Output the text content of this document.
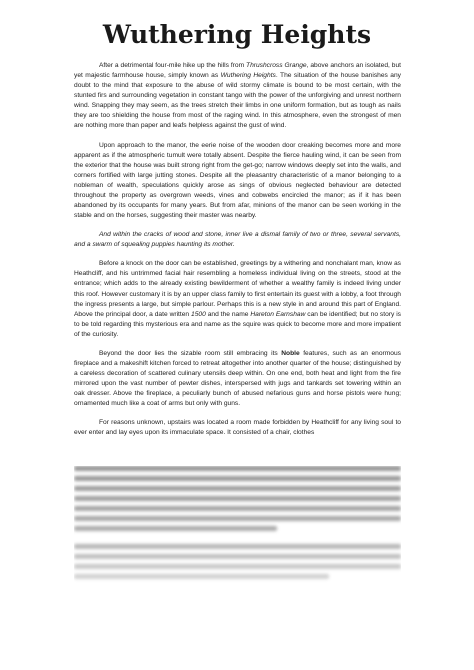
Wuthering Heights

After a detrimental four-mile hike up the hills from Thrushcross Grange, above anchors an isolated, but yet majestic farmhouse house, simply known as Wuthering Heights. The situation of the house banishes any doubt to the mind that exposure to the abuse of wild stormy climate is bound to be most certain, with the stunted firs and surrounding vegetation in constant tango with the power of the unforgiving and unrest northern wind. Snapping they may seem, as the trees stretch their limbs in one uniform formation, but as tough as nails they are too shielding the house from most of the raging wind. In this atmosphere, even the strongest of men are nothing more than paper and leafs helpless against the gust of wind.

Upon approach to the manor, the eerie noise of the wooden door creaking becomes more and more apparent as if the atmospheric tumult were totally absent. Despite the fierce hauling wind, it can be seen from the exterior that the house was built strong right from the get-go; narrow windows deeply set into the walls, and corners fortified with large jutting stones. Despite all the pleasantry characteristic of a manor belonging to a nobleman of wealth, speculations quickly arose as sings of obvious neglected behaviour are detected throughout the property as overgrown weeds, vines and cobwebs encircled the manor; as if it has been abandoned by its occupants for many years. But from afar, minions of the manor can be seen working in the stable and on the horses, suggesting their master was nearby.

And within the cracks of wood and stone, inner live a dismal family of two or three, several servants, and a swarm of squealing puppies haunting its mother.

Before a knock on the door can be established, greetings by a withering and nonchalant man, know as Heathcliff, and his untrimmed facial hair resembling a homeless individual living on the streets, stood at the entrance; which adds to the already existing bewilderment of whether a wealthy family is indeed living under this roof. However customary it is by an upper class family to first entertain its guest with a lobby, a foot through the ingress presents a large, but simple parlour. Perhaps this is a new style in and around this part of England. Above the principal door, a date written 1500 and the name Hareton Earnshaw can be identified; but no story is to be told regarding this mysterious era and name as the squire was quick to become more and more impatient of the curiosity.

Beyond the door lies the sizable room still embracing its Noble features, such as an enormous fireplace and a makeshift kitchen forced to retreat altogether into another quarter of the house; distinguished by a careless decoration of scattered culinary utensils deep within. On one end, both heat and light from the fire mirrored upon the vast number of pewter dishes, interspersed with jugs and tankards set towering within an oak dresser. Above the fireplace, a peculiarly bunch of abused nefarious guns and horse pistols were hung; ornamented much like a coat of arms but only with guns.

For reasons unknown, upstairs was located a room made forbidden by Heathcliff for any living soul to ever enter and lay eyes upon its immaculate space. It consisted of a chair, clothes
